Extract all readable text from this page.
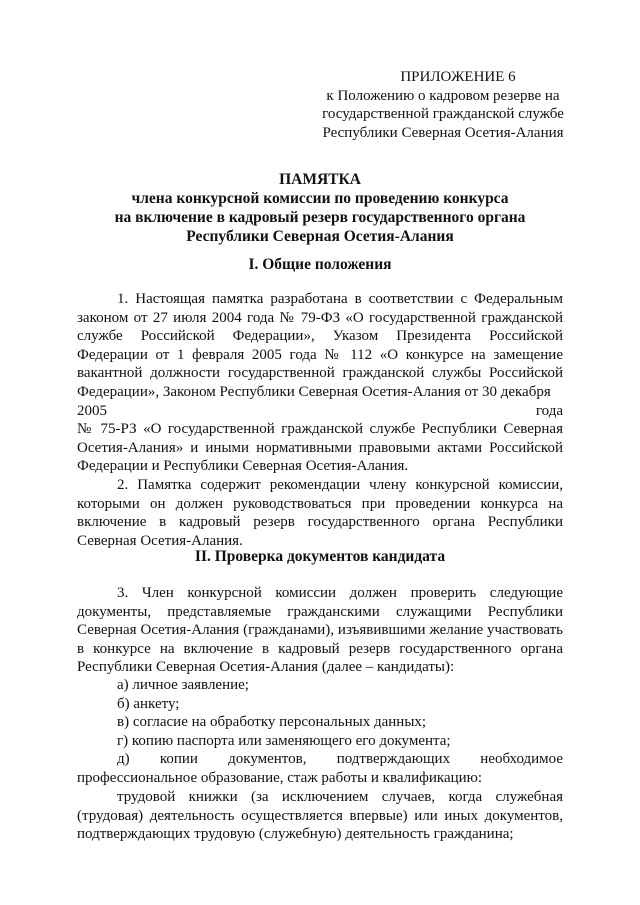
ПРИЛОЖЕНИЕ 6
к Положению о кадровом резерве на
государственной гражданской службе
Республики Северная Осетия-Алания
ПАМЯТКА
члена конкурсной комиссии по проведению конкурса
на включение в кадровый резерв государственного органа
Республики Северная Осетия-Алания
I. Общие положения

1. Настоящая памятка разработана в соответствии с Федеральным законом от 27 июля 2004 года № 79-ФЗ «О государственной гражданской службе Российской Федерации», Указом Президента Российской Федерации от 1 февраля 2005 года № 112 «О конкурсе на замещение вакантной должности государственной гражданской службы Российской Федерации», Законом Республики Северная Осетия-Алания от 30 декабря

2005	года

№ 75-РЗ «О государственной гражданской службе Республики Северная Осетия-Алания» и иными нормативными правовыми актами Российской Федерации и Республики Северная Осетия-Алания.

2. Памятка содержит рекомендации члену конкурсной комиссии, которыми он должен руководствоваться при проведении конкурса на включение в кадровый резерв государственного органа Республики Северная Осетия-Алания.

II. Проверка документов кандидата

3. Член конкурсной комиссии должен проверить следующие документы, представляемые гражданскими служащими Республики Северная Осетия-Алания (гражданами), изъявившими желание участвовать в конкурсе на включение в кадровый резерв государственного органа Республики Северная Осетия-Алания (далее – кандидаты):

а) личное заявление;
б) анкету;
в) согласие на обработку персональных данных;
г) копию паспорта или заменяющего его документа;

д) копии документов, подтверждающих необходимое профессиональное образование, стаж работы и квалификацию:

трудовой книжки (за исключением случаев, когда служебная (трудовая) деятельность осуществляется впервые) или иных документов, подтверждающих трудовую (служебную) деятельность гражданина;
